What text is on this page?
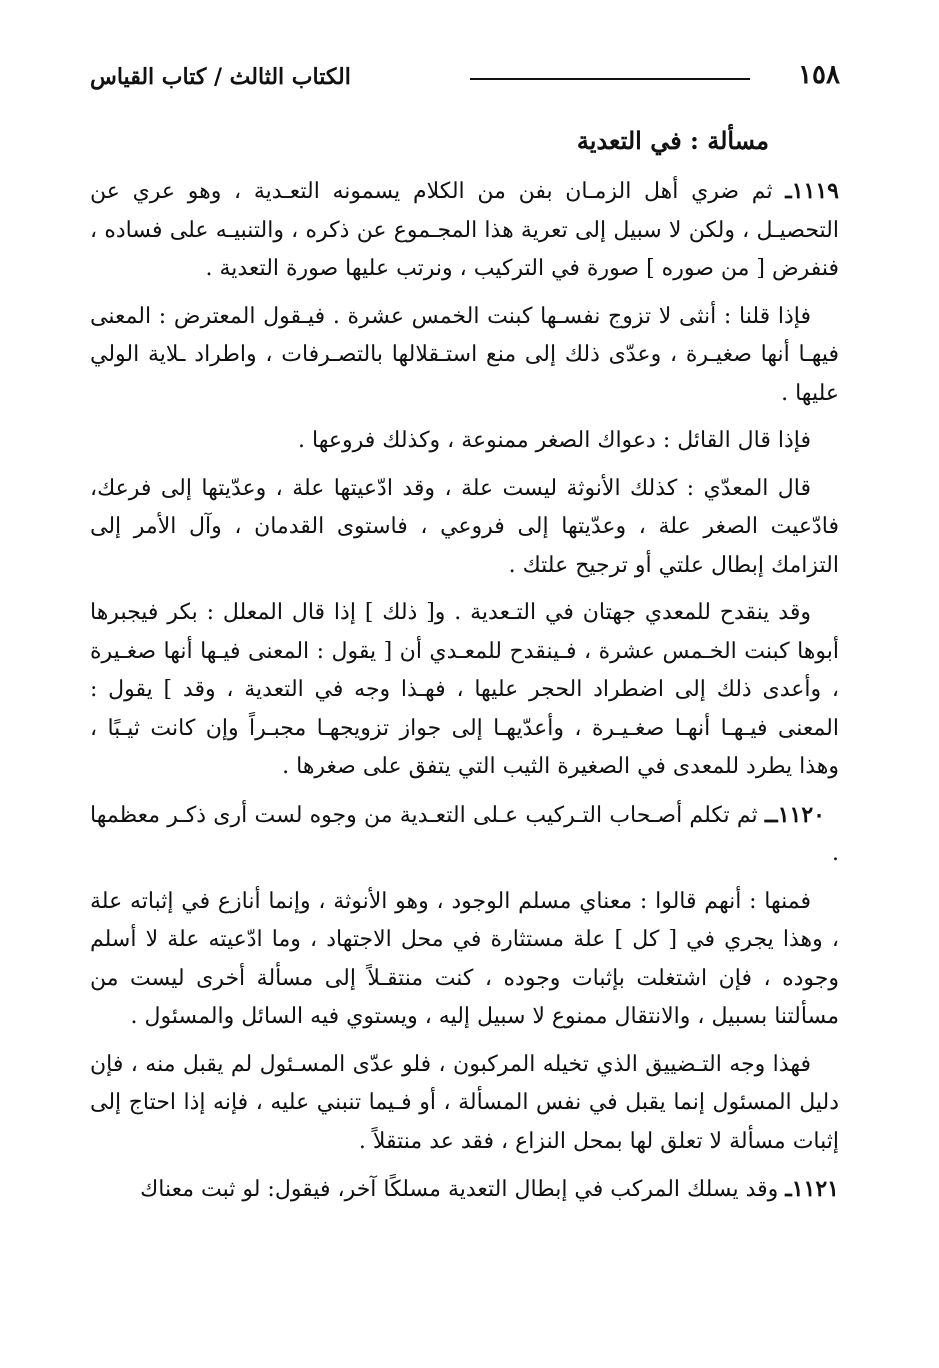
١٥٨
الكتاب الثالث / كتاب القياس
مسألة : في التعدية

١١١٩ـ ثم ضري أهل الزمـان بفن من الكلام يسمونه التعـدية ، وهو عري عن التحصيـل ، ولكن لا سبيل إلى تعرية هذا المجـموع عن ذكره ، والتنبيـه على فساده ، فنفرض [ من صوره ] صورة في التركيب ، ونرتب عليها صورة التعدية .

فإذا قلنا : أنثى لا تزوج نفسـها كبنت الخمس عشرة . فيـقول المعترض : المعنى فيهـا أنها صغيـرة ، وعدّى ذلك إلى منع استـقلالها بالتصـرفات ، واطراد ـلاية الولي عليها .

فإذا قال القائل : دعواك الصغر ممنوعة ، وكذلك فروعها .

قال المعدّي : كذلك الأنوثة ليست علة ، وقد ادّعيتها علة ، وعدّيتها إلى فرعك، فادّعيت الصغر علة ، وعدّيتها إلى فروعي ، فاستوى القدمان ، وآل الأمر إلى التزامك إبطال علتي أو ترجيح علتك .

وقد ينقدح للمعدي جهتان في التـعدية . و[ ذلك ] إذا قال المعلل : بكر فيجبرها أبوها كبنت الخـمس عشرة ، فـينقدح للمعـدي أن [ يقول : المعنى فيـها أنها صغـيرة ، وأعدى ذلك إلى اضطراد الحجر عليها ، فهـذا وجه في التعدية ، وقد ] يقول : المعنى فيـهـا أنهـا صغـيـرة ، وأعدّيهـا إلى جواز تزويجهـا مجبـراً وإن كانت ثيـبًا ، وهذا يطرد للمعدى في الصغيرة الثيب التي يتفق على صغرها .

١١٢٠ــ ثم تكلم أصـحاب التـركيب عـلى التعـدية من وجوه لست أرى ذكـر معظمها .

فمنها : أنهم قالوا : معناي مسلم الوجود ، وهو الأنوثة ، وإنما أنازع في إثباته علة ، وهذا يجري في [ كل ] علة مستثارة في محل الاجتهاد ، وما ادّعيته علة لا أسلم وجوده ، فإن اشتغلت بإثبات وجوده ، كنت منتقـلاً إلى مسألة أخرى ليست من مسألتنا بسبيل ، والانتقال ممنوع لا سبيل إليه ، ويستوي فيه السائل والمسئول .

فهذا وجه التـضييق الذي تخيله المركبون ، فلو عدّى المسـئول لم يقبل منه ، فإن دليل المسئول إنما يقبل في نفس المسألة ، أو فـيما تنبني عليه ، فإنه إذا احتاج إلى إثبات مسألة لا تعلق لها بمحل النزاع ، فقد عد منتقلاً .

١١٢١ـ وقد يسلك المركب في إبطال التعدية مسلكًا آخر، فيقول: لو ثبت معناك
